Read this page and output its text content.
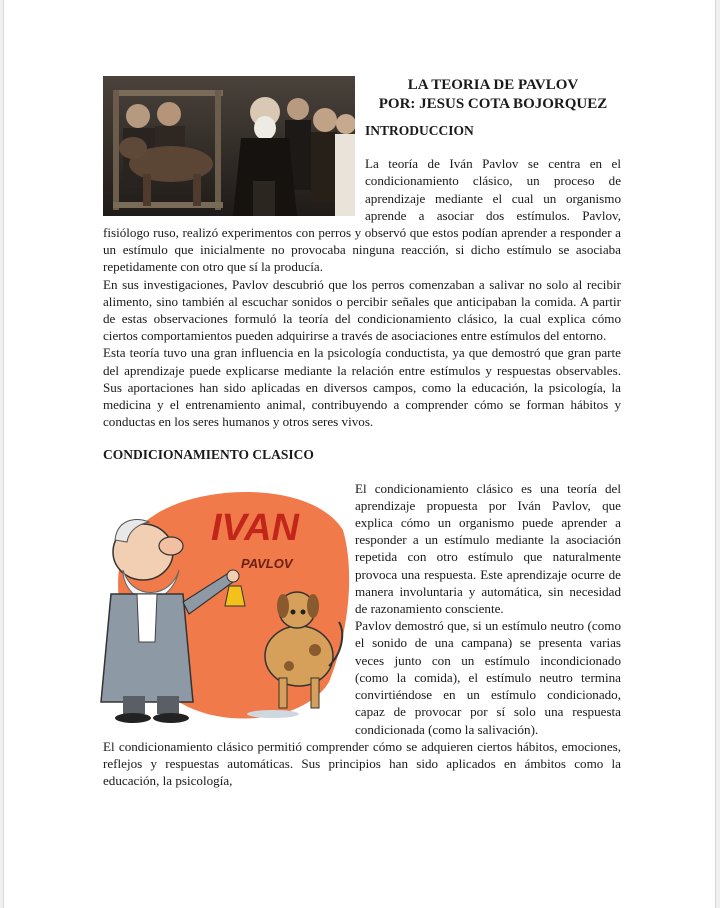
LA TEORIA DE PAVLOV
POR: JESUS COTA BOJORQUEZ
INTRODUCCION

La teoría de Iván Pavlov se centra en el condicionamiento clásico, un proceso de aprendizaje mediante el cual un organismo aprende a asociar dos estímulos. Pavlov, fisiólogo ruso, realizó experimentos con perros y observó que estos podían aprender a responder a un estímulo que inicialmente no provocaba ninguna reacción, si dicho estímulo se asociaba repetidamente con otro que sí la producía.

En sus investigaciones, Pavlov descubrió que los perros comenzaban a salivar no solo al recibir alimento, sino también al escuchar sonidos o percibir señales que anticipaban la comida. A partir de estas observaciones formuló la teoría del condicionamiento clásico, la cual explica cómo ciertos comportamientos pueden adquirirse a través de asociaciones entre estímulos del entorno.

Esta teoría tuvo una gran influencia en la psicología conductista, ya que demostró que gran parte del aprendizaje puede explicarse mediante la relación entre estímulos y respuestas observables. Sus aportaciones han sido aplicadas en diversos campos, como la educación, la psicología, la medicina y el entrenamiento animal, contribuyendo a comprender cómo se forman hábitos y conductas en los seres humanos y otros seres vivos.

CONDICIONAMIENTO CLASICO

IVAN
PAVLOV
El condicionamiento clásico es una teoría del aprendizaje propuesta por Iván Pavlov, que explica cómo un organismo puede aprender a responder a un estímulo mediante la asociación repetida con otro estímulo que naturalmente provoca una respuesta. Este aprendizaje ocurre de manera involuntaria y automática, sin necesidad de razonamiento consciente.

Pavlov demostró que, si un estímulo neutro (como el sonido de una campana) se presenta varias veces junto con un estímulo incondicionado (como la comida), el estímulo neutro termina convirtiéndose en un estímulo condicionado, capaz de provocar por sí solo una respuesta condicionada (como la salivación).

El condicionamiento clásico permitió comprender cómo se adquieren ciertos hábitos, emociones, reflejos y respuestas automáticas. Sus principios han sido aplicados en ámbitos como la educación, la psicología,
